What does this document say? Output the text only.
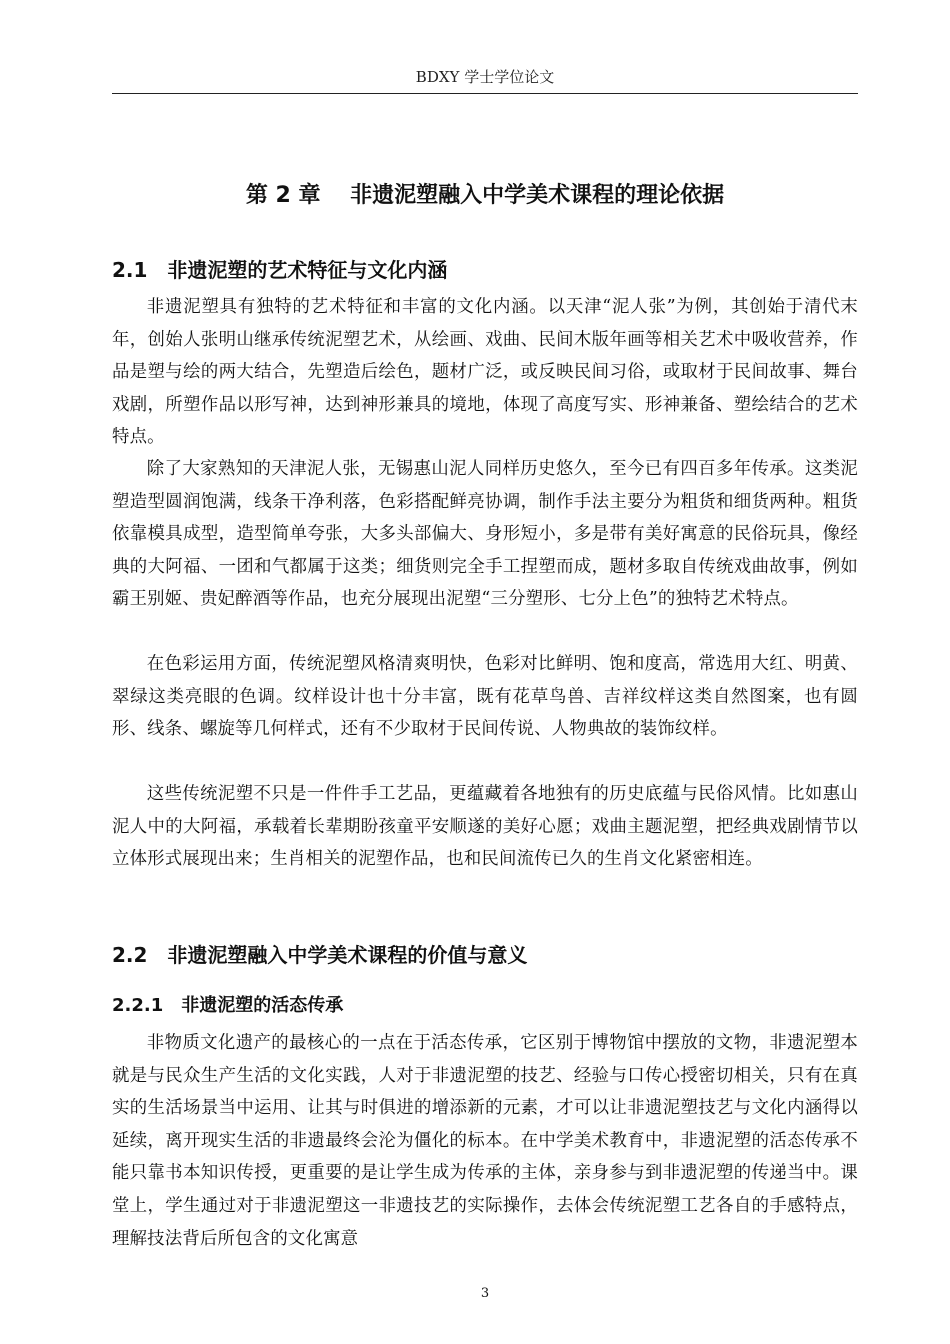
BDXY 学士学位论文
第 2 章　 非遗泥塑融入中学美术课程的理论依据
2.1　非遗泥塑的艺术特征与文化内涵

非遗泥塑具有独特的艺术特征和丰富的文化内涵。以天津“泥人张”为例，其创始于清代末年，创始人张明山继承传统泥塑艺术，从绘画、戏曲、民间木版年画等相关艺术中吸收营养，作品是塑与绘的两大结合，先塑造后绘色，题材广泛，或反映民间习俗，或取材于民间故事、舞台戏剧，所塑作品以形写神，达到神形兼具的境地，体现了高度写实、形神兼备、塑绘结合的艺术特点。

除了大家熟知的天津泥人张，无锡惠山泥人同样历史悠久，至今已有四百多年传承。这类泥塑造型圆润饱满，线条干净利落，色彩搭配鲜亮协调，制作手法主要分为粗货和细货两种。粗货依靠模具成型，造型简单夸张，大多头部偏大、身形短小，多是带有美好寓意的民俗玩具，像经典的大阿福、一团和气都属于这类；细货则完全手工捏塑而成，题材多取自传统戏曲故事，例如霸王别姬、贵妃醉酒等作品，也充分展现出泥塑“三分塑形、七分上色”的独特艺术特点。

在色彩运用方面，传统泥塑风格清爽明快，色彩对比鲜明、饱和度高，常选用大红、明黄、翠绿这类亮眼的色调。纹样设计也十分丰富，既有花草鸟兽、吉祥纹样这类自然图案，也有圆形、线条、螺旋等几何样式，还有不少取材于民间传说、人物典故的装饰纹样。

这些传统泥塑不只是一件件手工艺品，更蕴藏着各地独有的历史底蕴与民俗风情。比如惠山泥人中的大阿福，承载着长辈期盼孩童平安顺遂的美好心愿；戏曲主题泥塑，把经典戏剧情节以立体形式展现出来；生肖相关的泥塑作品，也和民间流传已久的生肖文化紧密相连。

2.2　非遗泥塑融入中学美术课程的价值与意义
2.2.1　非遗泥塑的活态传承

非物质文化遗产的最核心的一点在于活态传承，它区别于博物馆中摆放的文物，非遗泥塑本就是与民众生产生活的文化实践，人对于非遗泥塑的技艺、经验与口传心授密切相关，只有在真实的生活场景当中运用、让其与时俱进的增添新的元素，才可以让非遗泥塑技艺与文化内涵得以延续，离开现实生活的非遗最终会沦为僵化的标本。在中学美术教育中，非遗泥塑的活态传承不能只靠书本知识传授，更重要的是让学生成为传承的主体，亲身参与到非遗泥塑的传递当中。课堂上，学生通过对于非遗泥塑这一非遗技艺的实际操作，去体会传统泥塑工艺各自的手感特点，理解技法背后所包含的文化寓意

3
